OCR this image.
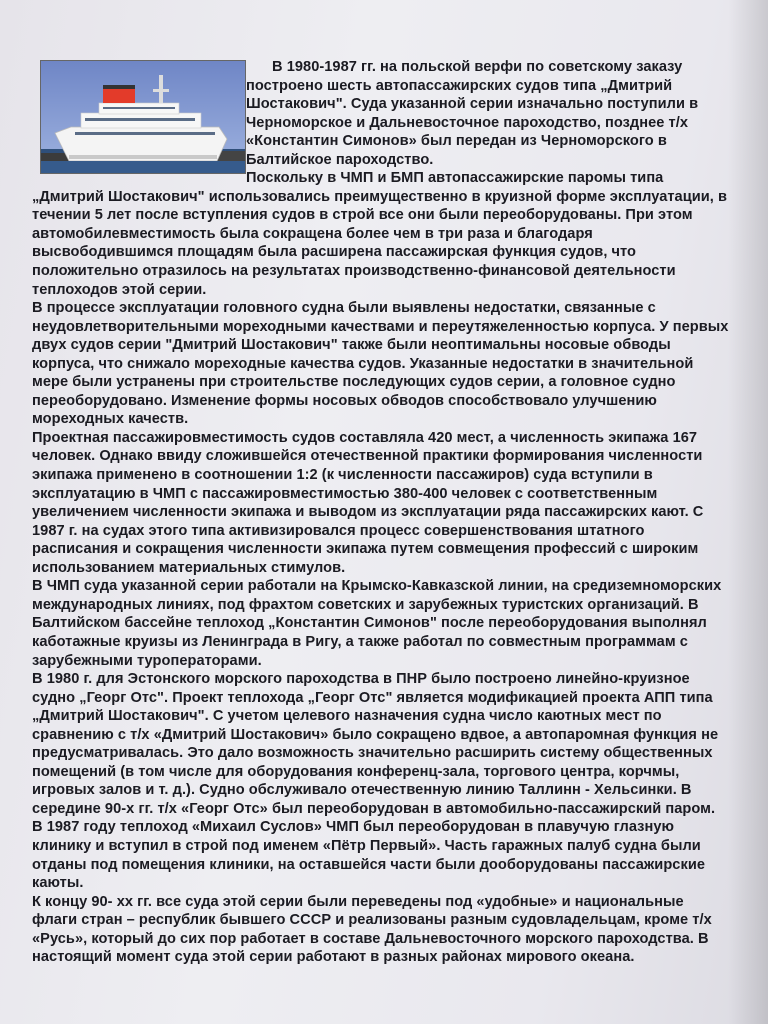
В 1980-1987 гг. на польской верфи по советскому заказу построено шесть автопассажирских судов типа „Дмитрий Шостакович". Суда указанной серии изначально поступили в Черноморское и Дальневосточное пароходство, позднее т/х «Константин Симонов» был передан из Черноморского в Балтийское пароходство.

Поскольку в ЧМП и БМП автопассажирские паромы типа „Дмитрий Шостакович" использовались преимущественно в круизной форме эксплуатации, в течении 5 лет после вступления судов в строй все они были переоборудованы. При этом автомобилевместимость была сокращена более чем в три раза и благодаря высвободившимся площадям была расширена пассажирская функция судов, что положительно отразилось на результатах производственно-финансовой деятельности теплоходов этой серии.

В процессе эксплуатации головного судна были выявлены недостатки, связанные с неудовлетворительными мореходными качествами и переутяжеленностью корпуса. У первых двух судов серии "Дмитрий Шостакович" также были неоптимальны носовые обводы корпуса, что снижало мореходные качества судов. Указанные недостатки в значительной мере были устранены при строительстве последующих судов серии, а головное судно переоборудовано. Изменение формы носовых обводов способствовало улучшению мореходных качеств.

Проектная пассажировместимость судов составляла 420 мест, а численность экипажа 167 человек. Однако ввиду сложившейся отечественной практики формирования численности экипажа применено в соотношении 1:2 (к численности пассажиров) суда вступили в эксплуатацию в ЧМП с пассажировместимостью 380-400 человек с соответственным увеличением численности экипажа и выводом из эксплуатации ряда пассажирских кают. С 1987 г. на судах этого типа активизировался процесс совершенствования штатного расписания и сокращения численности экипажа путем совмещения профессий с широким использованием материальных стимулов.

В ЧМП суда указанной серии работали на Крымско-Кавказской линии, на средиземноморских международных линиях, под фрахтом советских и зарубежных туристских организаций. В Балтийском бассейне теплоход „Константин Симонов" после переоборудования выполнял каботажные круизы из Ленинграда в Ригу, а также работал по совместным программам с зарубежными туроператорами.

В 1980 г. для Эстонского морского пароходства в ПНР было построено линейно-круизное судно „Георг Отс". Проект теплохода „Георг Отс" является модификацией проекта АПП типа „Дмитрий Шостакович". С учетом целевого назначения судна число каютных мест по сравнению с т/х «Дмитрий Шостакович» было сокращено вдвое, а автопаромная функция не предусматривалась. Это дало возможность значительно расширить систему общественных помещений (в том числе для оборудования конференц-зала, торгового центра, корчмы, игровых залов и т. д.). Судно обслуживало отечественную линию Таллинн - Хельсинки. В середине 90-х гг. т/х «Георг Отс» был переоборудован в автомобильно-пассажирский паром.

В 1987 году теплоход «Михаил Суслов» ЧМП был переоборудован в плавучую глазную клинику и вступил в строй под именем «Пётр Первый». Часть гаражных палуб судна были отданы под помещения клиники, на оставшейся части были дооборудованы пассажирские каюты.

К концу 90- хх гг. все суда этой серии были переведены под «удобные» и национальные флаги стран – республик бывшего СССР и реализованы разным судовладельцам, кроме т/х «Русь», который до сих пор работает в составе Дальневосточного морского пароходства. В настоящий момент суда этой серии работают в разных районах мирового океана.
